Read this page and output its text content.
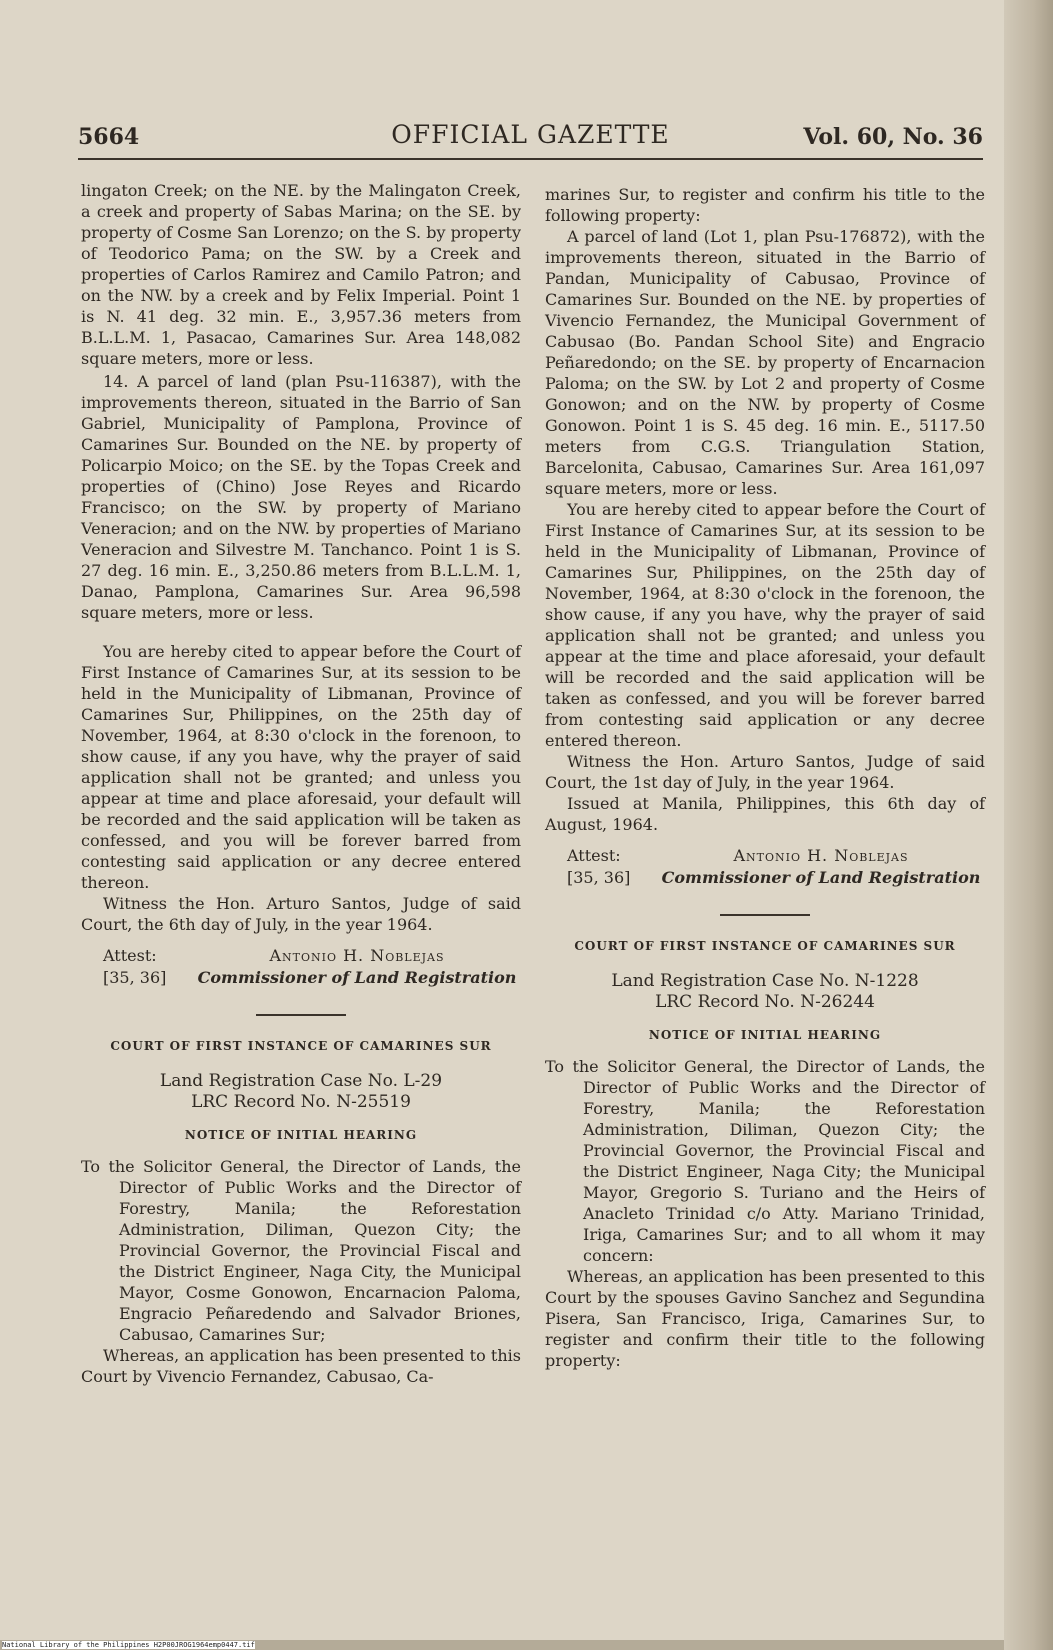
5664	OFFICIAL GAZETTE	Vol. 60, No. 36

lingaton Creek; on the NE. by the Malingaton Creek, a creek and property of Sabas Marina; on the SE. by property of Cosme San Lorenzo; on the S. by property of Teodorico Pama; on the SW. by a Creek and properties of Carlos Ramirez and Camilo Patron; and on the NW. by a creek and by Felix Imperial. Point 1 is N. 41 deg. 32 min. E., 3,957.36 meters from B.L.L.M. 1, Pasacao, Camarines Sur. Area 148,082 square meters, more or less.

14. A parcel of land (plan Psu-116387), with the improvements thereon, situated in the Barrio of San Gabriel, Municipality of Pamplona, Province of Camarines Sur. Bounded on the NE. by property of Policarpio Moico; on the SE. by the Topas Creek and properties of (Chino) Jose Reyes and Ricardo Francisco; on the SW. by property of Mariano Veneracion; and on the NW. by properties of Mariano Veneracion and Silvestre M. Tanchanco. Point 1 is S. 27 deg. 16 min. E., 3,250.86 meters from B.L.L.M. 1, Danao, Pamplona, Camarines Sur. Area 96,598 square meters, more or less.

You are hereby cited to appear before the Court of First Instance of Camarines Sur, at its session to be held in the Municipality of Libmanan, Province of Camarines Sur, Philippines, on the 25th day of November, 1964, at 8:30 o'clock in the forenoon, to show cause, if any you have, why the prayer of said application shall not be granted; and unless you appear at time and place aforesaid, your default will be recorded and the said application will be taken as confessed, and you will be forever barred from contesting said application or any decree entered thereon.

Witness the Hon. Arturo Santos, Judge of said Court, the 6th day of July, in the year 1964.

Attest:	Antonio H. Noblejas
[35, 36]	Commissioner of Land Registration
COURT OF FIRST INSTANCE OF CAMARINES SUR
Land Registration Case No. L-29
LRC Record No. N-25519
NOTICE OF INITIAL HEARING

To the Solicitor General, the Director of Lands, the Director of Public Works and the Director of Forestry, Manila; the Reforestation Administration, Diliman, Quezon City; the Provincial Governor, the Provincial Fiscal and the District Engineer, Naga City, the Municipal Mayor, Cosme Gonowon, Encarnacion Paloma, Engracio Peñaredendo and Salvador Briones, Cabusao, Camarines Sur;

Whereas, an application has been presented to this Court by Vivencio Fernandez, Cabusao, Ca-

marines Sur, to register and confirm his title to the following property:

A parcel of land (Lot 1, plan Psu-176872), with the improvements thereon, situated in the Barrio of Pandan, Municipality of Cabusao, Province of Camarines Sur. Bounded on the NE. by properties of Vivencio Fernandez, the Municipal Government of Cabusao (Bo. Pandan School Site) and Engracio Peñaredondo; on the SE. by property of Encarnacion Paloma; on the SW. by Lot 2 and property of Cosme Gonowon; and on the NW. by property of Cosme Gonowon. Point 1 is S. 45 deg. 16 min. E., 5117.50 meters from C.G.S. Triangulation Station, Barcelonita, Cabusao, Camarines Sur. Area 161,097 square meters, more or less.

You are hereby cited to appear before the Court of First Instance of Camarines Sur, at its session to be held in the Municipality of Libmanan, Province of Camarines Sur, Philippines, on the 25th day of November, 1964, at 8:30 o'clock in the forenoon, the show cause, if any you have, why the prayer of said application shall not be granted; and unless you appear at the time and place aforesaid, your default will be recorded and the said application will be taken as confessed, and you will be forever barred from contesting said application or any decree entered thereon.

Witness the Hon. Arturo Santos, Judge of said Court, the 1st day of July, in the year 1964.

Issued at Manila, Philippines, this 6th day of August, 1964.

Attest:	Antonio H. Noblejas
[35, 36]	Commissioner of Land Registration
COURT OF FIRST INSTANCE OF CAMARINES SUR
Land Registration Case No. N-1228
LRC Record No. N-26244
NOTICE OF INITIAL HEARING

To the Solicitor General, the Director of Lands, the Director of Public Works and the Director of Forestry, Manila; the Reforestation Administration, Diliman, Quezon City; the Provincial Governor, the Provincial Fiscal and the District Engineer, Naga City; the Municipal Mayor, Gregorio S. Turiano and the Heirs of Anacleto Trinidad c/o Atty. Mariano Trinidad, Iriga, Camarines Sur; and to all whom it may concern:

Whereas, an application has been presented to this Court by the spouses Gavino Sanchez and Segundina Pisera, San Francisco, Iriga, Camarines Sur, to register and confirm their title to the following property:

National Library of the Philippines H2P00JROG1964emp0447.tif
